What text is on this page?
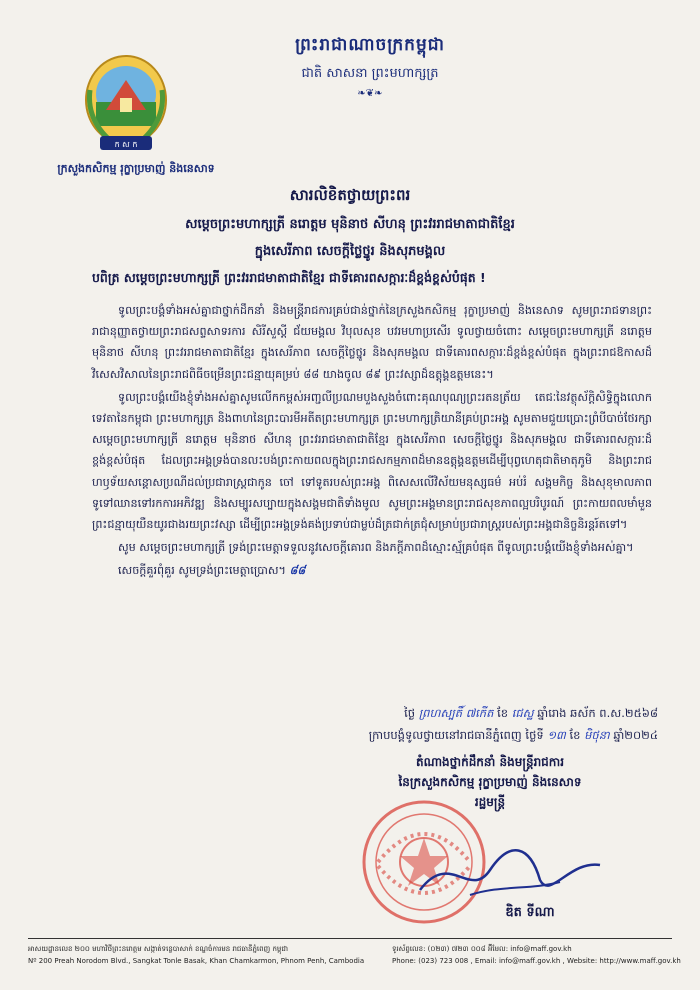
ក ស ក
ក្រសួងកសិកម្ម រុក្ខាប្រមាញ់ និងនេសាទ
ព្រះរាជាណាចក្រកម្ពុជា
ជាតិ សាសនា ព្រះមហាក្សត្រ
❧❦❧
សារលិខិតថ្វាយព្រះពរ
សម្តេចព្រះមហាក្សត្រី នរោត្តម មុនិនាថ សីហនុ ព្រះវររាជមាតាជាតិខ្មែរ
ក្នុងសេរីភាព សេចក្តីថ្លៃថ្នូរ និងសុភមង្គល
បពិត្រ សម្តេចព្រះមហាក្សត្រី ព្រះវររាជមាតាជាតិខ្មែរ ជាទីគោរពសក្ការៈដ៏ខ្ពង់ខ្ពស់បំផុត !

ទូលព្រះបង្គំទាំងអស់គ្នាជាថ្នាក់ដឹកនាំ និងមន្ត្រីរាជការគ្រប់ជាន់ថ្នាក់នៃក្រសួងកសិកម្ម រុក្ខាប្រមាញ់ និងនេសាទ សូមព្រះរាជទានព្រះរាជានុញ្ញាតថ្វាយព្រះរាជសព្ទសាទរការ សិរីសួស្តី ជ័យមង្គល វិបុលសុខ បវរមហាប្រសើរ ទូលថ្វាយចំពោះ សម្តេចព្រះមហាក្សត្រី នរោត្តម មុនិនាថ សីហនុ ព្រះវររាជមាតាជាតិខ្មែរ ក្នុងសេរីភាព សេចក្តីថ្លៃថ្នូរ និងសុភមង្គល ជាទីគោរពសក្ការៈដ៏ខ្ពង់ខ្ពស់បំផុត ក្នុងព្រះរាជឱកាសដ៏វិសេសវិសាលនៃព្រះរាជពិធីចម្រើនព្រះជន្មាយុគម្រប់ ៨៨ យាងចូល ៨៩ ព្រះវស្សាដ៏ឧត្តុង្គឧត្តមនេះ។

ទូលព្រះបង្គំយើងខ្ញុំទាំងអស់គ្នាសូមលើកកម្ពស់អញ្ជលីប្រណមបួងសួងចំពោះគុណបុណ្យព្រះរតនត្រ័យ តេជៈនៃវត្ថុស័ក្តិសិទ្ធិក្នុងលោក ទេវតានៃកម្ពុជា ព្រះមហាក្សត្រ និងពាហនៃព្រះបារមីអតីតព្រះមហាក្សត្រ ព្រះមហាក្សត្រិយានីគ្រប់ព្រះអង្គ សូមតាមជួយប្រោះព្រំបីបាច់ថែរក្សា សម្តេចព្រះមហាក្សត្រី នរោត្តម មុនិនាថ សីហនុ ព្រះវររាជមាតាជាតិខ្មែរ ក្នុងសេរីភាព សេចក្តីថ្លៃថ្នូរ និងសុភមង្គល ជាទីគោរពសក្ការៈដ៏ខ្ពង់ខ្ពស់បំផុត ដែលព្រះអង្គទ្រង់បានលះបង់ព្រះកាយពលក្នុងព្រះរាជសកម្មភាពដ៏មានឧត្តុង្គឧត្តមដើម្បីបុព្វហេតុជាតិមាតុភូមិ និងព្រះរាជហឫទ័យសន្តោសប្រណីដល់ប្រជារាស្ត្រជាកូន ចៅ ទៅទូតរបស់ព្រះអង្គ ពិសេសលើវិស័យមនុស្សធម៌ អប់រំ សង្គមកិច្ច និងសុខុមាលភាពទូទៅឈានទៅរកការអភិវឌ្ឍ និងសម្បូរសប្បាយក្នុងសង្គមជាតិទាំងមូល សូមព្រះអង្គមានព្រះរាជសុខភាពល្អបរិបូរណ៍ ព្រះកាយពលមាំមួន ព្រះជន្មាយុយឺនយូរជាងរយព្រះវស្សា ដើម្បីព្រះអង្គទ្រង់គង់ប្រទាប់ជាម្លប់ដ៏ត្រជាក់ត្រជុំសម្រាប់ប្រជារាស្ត្ររបស់ព្រះអង្គជានិច្ចនិរន្តរ៍តទៅ។

សូម សម្តេចព្រះមហាក្សត្រី ទ្រង់ព្រះមេត្តាទទួលនូវសេចក្តីគោរព និងភក្តីភាពដ៏ស្មោះស្ម័គ្របំផុត ពីទូលព្រះបង្គំយើងខ្ញុំទាំងអស់គ្នា។

សេចក្តីគួរពុំគួរ សូមទ្រង់ព្រះមេត្តាប្រោស។ ៨៨

ថ្ងៃ ព្រហស្បតិ៍ ៧កើត ខែ ជេស្ឋ ឆ្នាំរោង ឆស័ក ព.ស.២៥៦៨
ក្រាបបង្គំទូលថ្វាយនៅរាជធានីភ្នំពេញ ថ្ងៃទី ១៣ ខែ មិថុនា ឆ្នាំ២០២៤
តំណាងថ្នាក់ដឹកនាំ និងមន្ត្រីរាជការ
នៃក្រសួងកសិកម្ម រុក្ខាប្រមាញ់ និងនេសាទ
រដ្ឋមន្ត្រី
ឌិត ទីណា
អាសយដ្ឋានលេខ ២០០ មហាវិថីព្រះនរោត្តម សង្កាត់ទន្លេបាសាក់ ខណ្ឌចំការមន រាជធានីភ្នំពេញ កម្ពុជា
Nº 200 Preah Norodom Blvd., Sangkat Tonle Basak, Khan Chamkarmon, Phnom Penh, Cambodia
ទូរស័ព្ទលេខ: (០២៣) ៧២៣ ០០៨ អ៊ីមែល: info@maff.gov.kh
Phone: (023) 723 008 , Email: info@maff.gov.kh , Website: http://www.maff.gov.kh
